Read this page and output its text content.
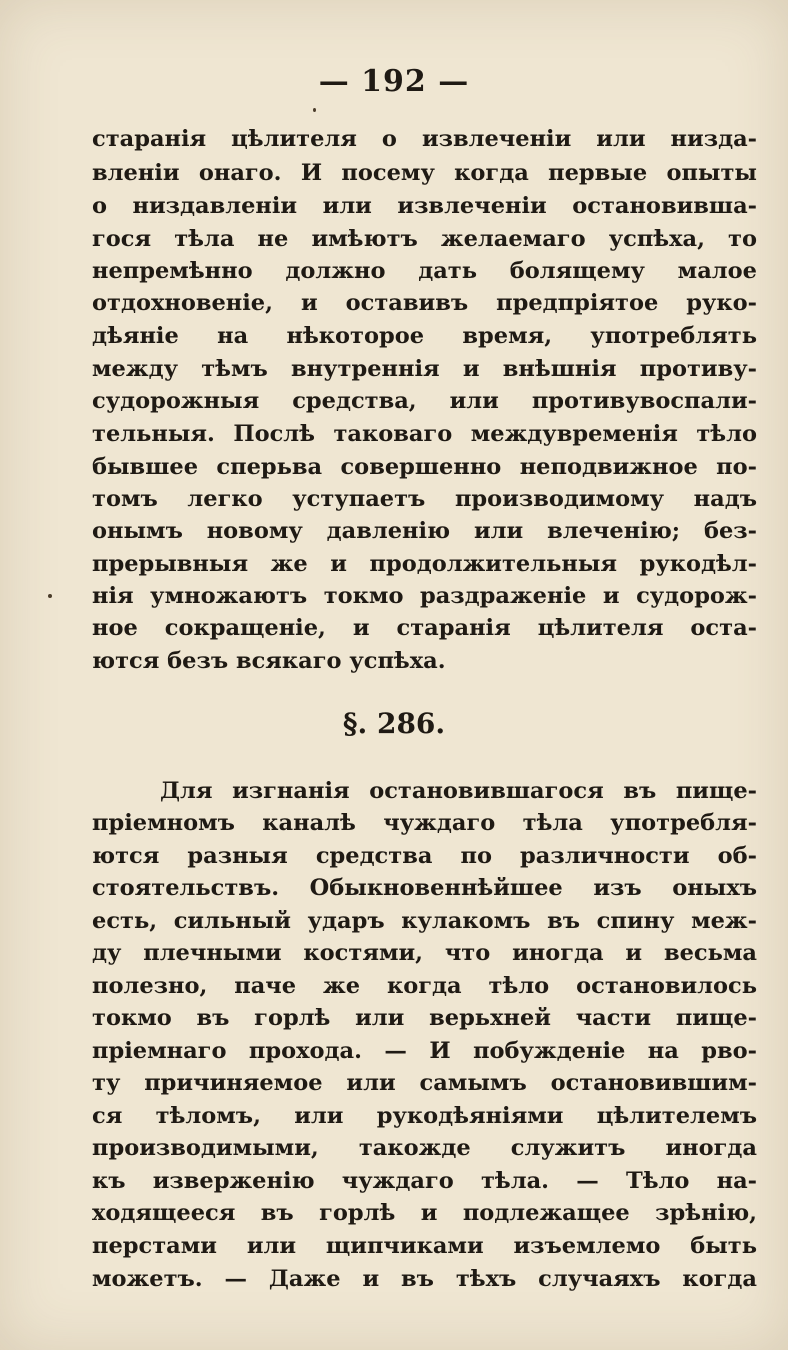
— 192 —
старанія цѣлителя о извлеченіи или низда-
вленіи онаго. И посему когда первые опыты
о низдавленіи или извлеченіи остановивша-
гося тѣла не имѣютъ желаемаго успѣха, то
непремѣнно должно дать болящему малое
отдохновеніе, и оставивъ предпріятое руко-
дѣяніе на нѣкоторое время, употреблять
между тѣмъ внутреннія и внѣшнія противу-
судорожныя средства, или противувоспали-
тельныя. Послѣ таковаго междувременія тѣло
бывшее сперьва совершенно неподвижное по-
томъ легко уступаетъ производимому надъ
онымъ новому давленію или влеченію; без-
прерывныя же и продолжительныя рукодѣл-
нія умножаютъ токмо раздраженіе и судорож-
ное сокращеніе, и старанія цѣлителя оста-
ются безъ всякаго успѣха.
§. 286.
Для изгнанія остановившагося въ пище-
пріемномъ каналѣ чуждаго тѣла употребля-
ются разныя средства по различности об-
стоятельствъ. Обыкновеннѣйшее изъ оныхъ
есть, сильный ударъ кулакомъ въ спину меж-
ду плечными костями, что иногда и весьма
полезно, паче же когда тѣло остановилось
токмо въ горлѣ или верьхней части пище-
пріемнаго прохода. — И побужденіе на рво-
ту причиняемое или самымъ остановившим-
ся тѣломъ, или рукодѣяніями цѣлителемъ
производимыми, такожде служитъ иногда
къ изверженію чуждаго тѣла. — Тѣло на-
ходящееся въ горлѣ и подлежащее зрѣнію,
перстами или щипчиками изъемлемо быть
можетъ. — Даже и въ тѣхъ случаяхъ когда
